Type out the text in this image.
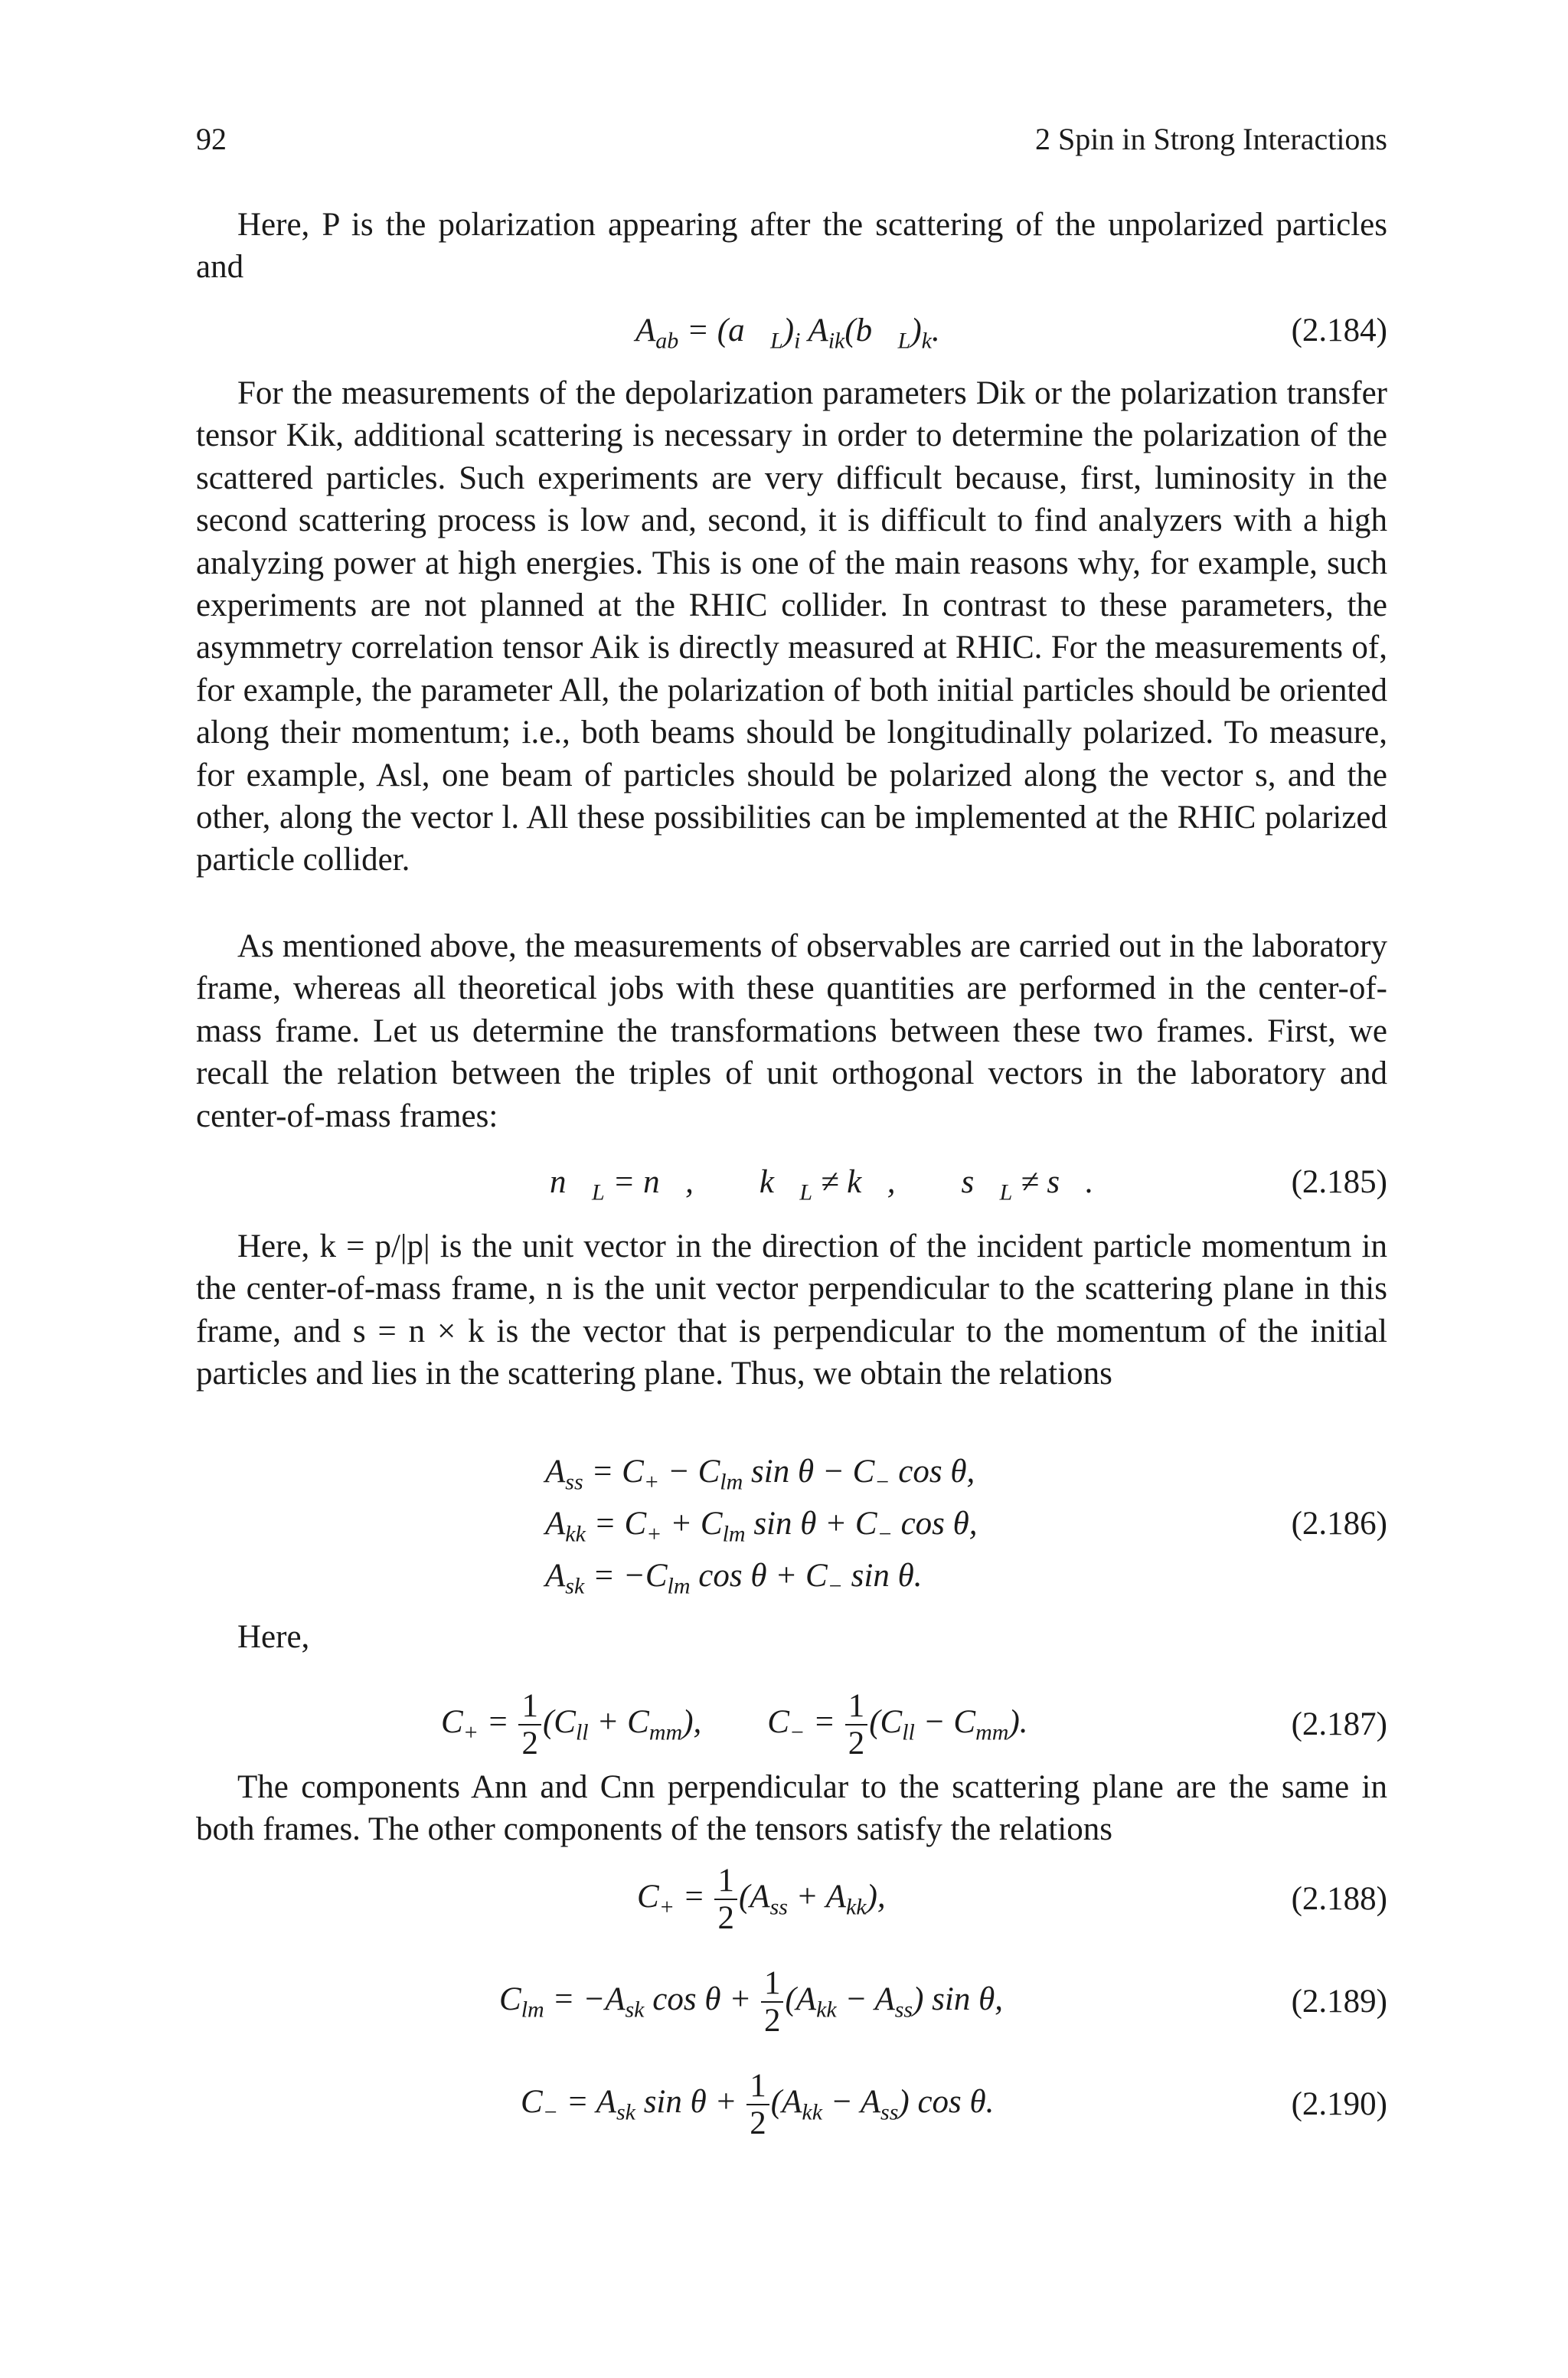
92	2 Spin in Strong Interactions

Here, P is the polarization appearing after the scattering of the unpolarized particles and

$A_{ab}$ = $(a⃗_L)_i$ $A_{ik}(b⃗_L)_k$.	(2.184)

For the measurements of the depolarization parameters Dik or the polarization transfer tensor Kik, additional scattering is necessary in order to determine the polarization of the scattered particles. Such experiments are very difficult because, first, luminosity in the second scattering process is low and, second, it is difficult to find analyzers with a high analyzing power at high energies. This is one of the main reasons why, for example, such experiments are not planned at the RHIC collider. In contrast to these parameters, the asymmetry correlation tensor Aik is directly measured at RHIC. For the measurements of, for example, the parameter All, the polarization of both initial particles should be oriented along their momentum; i.e., both beams should be longitudinally polarized. To measure, for example, Asl, one beam of particles should be polarized along the vector s, and the other, along the vector l. All these possibilities can be implemented at the RHIC polarized particle collider.

As mentioned above, the measurements of observables are carried out in the laboratory frame, whereas all theoretical jobs with these quantities are performed in the center-of-mass frame. Let us determine the transformations between these two frames. First, we recall the relation between the triples of unit orthogonal vectors in the laboratory and center-of-mass frames:

$n⃗_L$ = n⃗,        $k⃗_L$ ≠ k⃗,        $s⃗_L$ ≠ s⃗.	(2.185)

Here, k = p/|p| is the unit vector in the direction of the incident particle momentum in the center-of-mass frame, n is the unit vector perpendicular to the scattering plane in this frame, and s = n × k is the vector that is perpendicular to the momentum of the initial particles and lies in the scattering plane. Thus, we obtain the relations

$A_{ss} = C_+ - C_{lm}$ $\sin \theta - C_-$ cos θ,
$A_{kk} = C_+ + C_{lm}$ $\sin \theta + C_-$ cos θ,
$A_{sk} = -C_{lm}$ $\cos \theta + C_-$ sin θ.
(2.186)

Here,

$C_+ = \frac{1}{2} (C_{ll} + C_{mm})$,        $C_- = \frac{1}{2} (C_{ll} - C_{mm})$.	(2.187)

The components Ann and Cnn perpendicular to the scattering plane are the same in both frames. The other components of the tensors satisfy the relations

$C_+ = \frac{1}{2} (A_{ss} + A_{kk})$,	(2.188)
$C_{lm} = -A_{sk}$ $\cos \theta + \frac{1}{2} (A_{kk} - A_{ss})$ sin θ,	(2.189)
$C_- = A_{sk}$ $\sin \theta + \frac{1}{2} (A_{kk} - A_{ss})$ cos θ.	(2.190)
